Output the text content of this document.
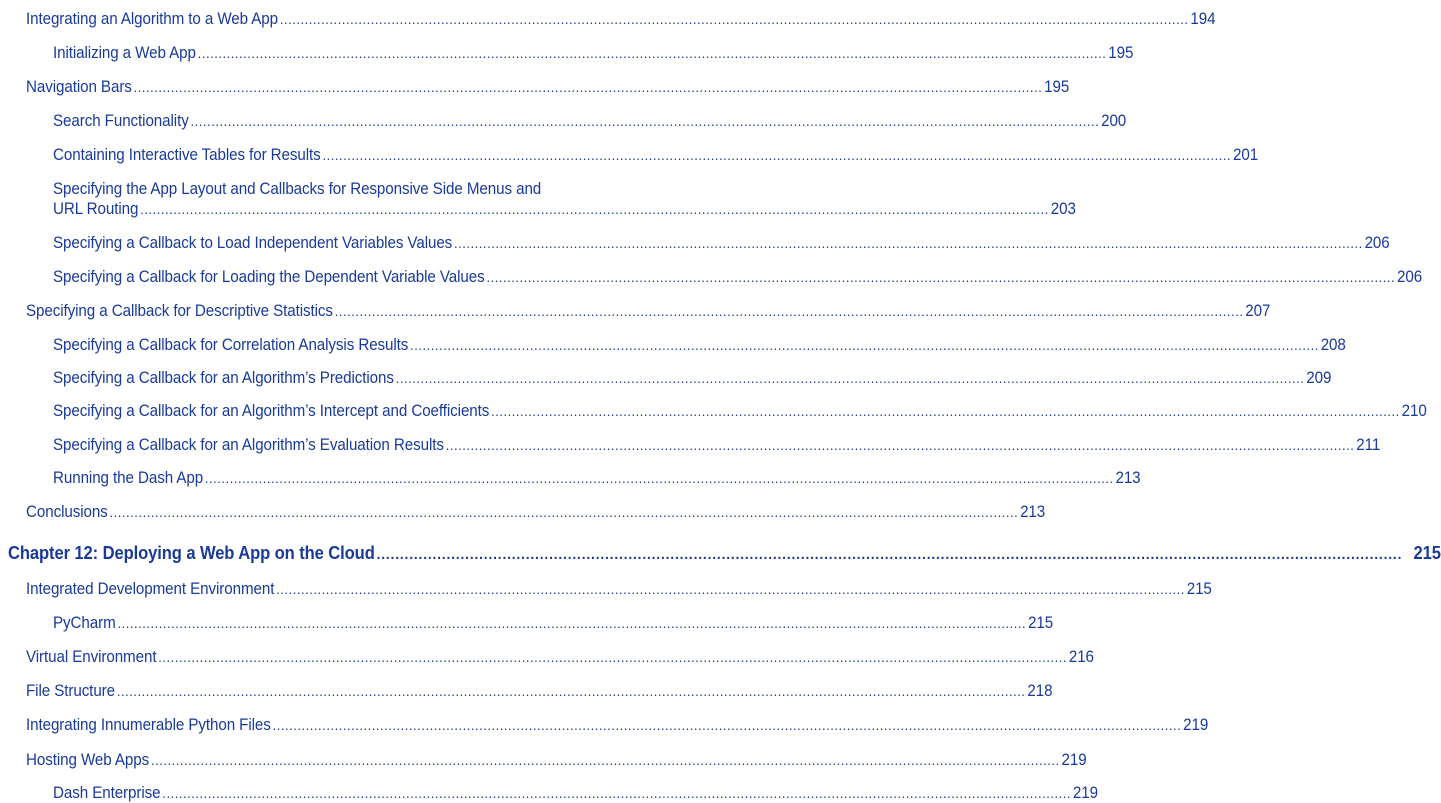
Integrating an Algorithm to a Web App ............................................................................................................................................................................................................................ 194
Initializing a Web App ............................................................................................................................................................................................................................ 195
Navigation Bars ............................................................................................................................................................................................................................ 195
Search Functionality ............................................................................................................................................................................................................................ 200
Containing Interactive Tables for Results ............................................................................................................................................................................................................................ 201
Specifying the App Layout and Callbacks for Responsive Side Menus and
URL Routing ............................................................................................................................................................................................................................ 203
Specifying a Callback to Load Independent Variables Values ............................................................................................................................................................................................................................ 206
Specifying a Callback for Loading the Dependent Variable Values ............................................................................................................................................................................................................................ 206
Specifying a Callback for Descriptive Statistics ............................................................................................................................................................................................................................ 207
Specifying a Callback for Correlation Analysis Results ............................................................................................................................................................................................................................ 208
Specifying a Callback for an Algorithm’s Predictions ............................................................................................................................................................................................................................ 209
Specifying a Callback for an Algorithm’s Intercept and Coefficients ............................................................................................................................................................................................................................ 210
Specifying a Callback for an Algorithm’s Evaluation Results ............................................................................................................................................................................................................................ 211
Running the Dash App ............................................................................................................................................................................................................................ 213
Conclusions ............................................................................................................................................................................................................................ 213
Chapter 12: Deploying a Web App on the Cloud ............................................................................................................................................................................................................................ 215
Integrated Development Environment ............................................................................................................................................................................................................................ 215
PyCharm ............................................................................................................................................................................................................................ 215
Virtual Environment ............................................................................................................................................................................................................................ 216
File Structure ............................................................................................................................................................................................................................ 218
Integrating Innumerable Python Files ............................................................................................................................................................................................................................ 219
Hosting Web Apps ............................................................................................................................................................................................................................ 219
Dash Enterprise ............................................................................................................................................................................................................................ 219
